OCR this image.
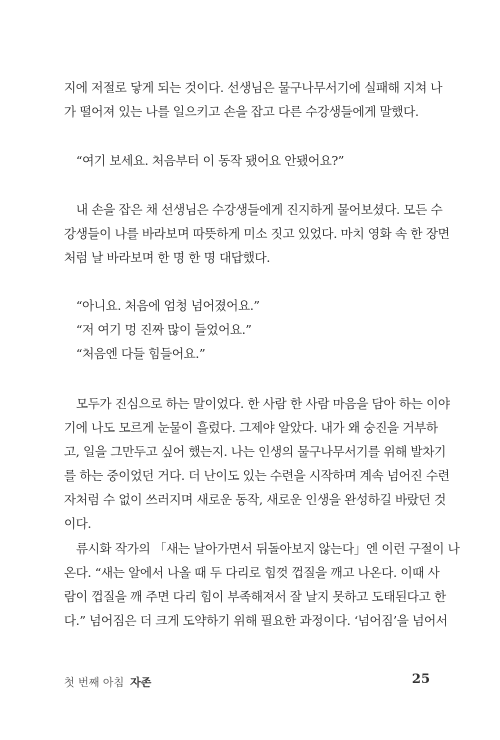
지에 저절로 닿게 되는 것이다. 선생님은 물구나무서기에 실패해 지쳐 나
가 떨어져 있는 나를 일으키고 손을 잡고 다른 수강생들에게 말했다.
“여기 보세요. 처음부터 이 동작 됐어요 안됐어요?”
내 손을 잡은 채 선생님은 수강생들에게 진지하게 물어보셨다. 모든 수
강생들이 나를 바라보며 따뜻하게 미소 짓고 있었다. 마치 영화 속 한 장면
처럼 날 바라보며 한 명 한 명 대답했다.
“아니요. 처음에 엄청 넘어졌어요.”
“저 여기 멍 진짜 많이 들었어요.”
“처음엔 다들 힘들어요.”
모두가 진심으로 하는 말이었다. 한 사람 한 사람 마음을 담아 하는 이야
기에 나도 모르게 눈물이 흘렀다. 그제야 알았다. 내가 왜 숭진을 거부하
고, 일을 그만두고 싶어 했는지. 나는 인생의 물구나무서기를 위해 발차기
를 하는 중이었던 거다. 더 난이도 있는 수련을 시작하며 계속 넘어진 수련
자처럼 수 없이 쓰러지며 새로운 동작, 새로운 인생을 완성하길 바랐던 것
이다.
류시화 작가의 「새는 날아가면서 뒤돌아보지 않는다」엔 이런 구절이 나
온다. “새는 알에서 나올 때 두 다리로 힘껏 껍질을 깨고 나온다. 이때 사
람이 껍질을 깨 주면 다리 힘이 부족해져서 잘 날지 못하고 도태된다고 한
다.” 넘어짐은 더 크게 도약하기 위해 필요한 과정이다. ‘넘어짐’을 넘어서
첫 번째 아침 자존	25
